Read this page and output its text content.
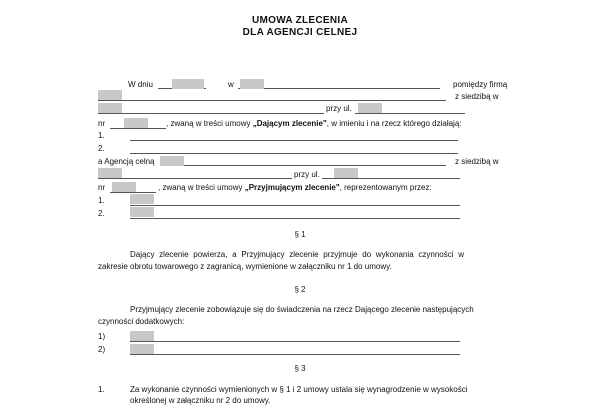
UMOWA ZLECENIA
DLA AGENCJI CELNEJ
W dniu	w	pomiędzy firmą
z siedzibą w
przy ul.
nr	, zwaną w treści umowy „Dającym zlecenie", w imieniu i na rzecz którego działają:
1.
2.
a Agencją celną	z siedzibą w
przy ul.
nr	, zwaną w treści umowy „Przyjmującym zlecenie", reprezentowanym przez:
1.
2.
§ 1
Dający zlecenie powierza, a Przyjmujący zlecenie przyjmuje do wykonania czynności w zakresie obrotu towarowego z zagranicą, wymienione w załączniku nr 1 do umowy.
§ 2
Przyjmujący zlecenie zobowiązuje się do świadczenia na rzecz Dającego zlecenie następujących
czynności dodatkowych:
1)
2)
§ 3
1.	Za wykonanie czynności wymienionych w § 1 i 2 umowy ustala się wynagrodzenie w wysokości
określonej w załączniku nr 2 do umowy.
